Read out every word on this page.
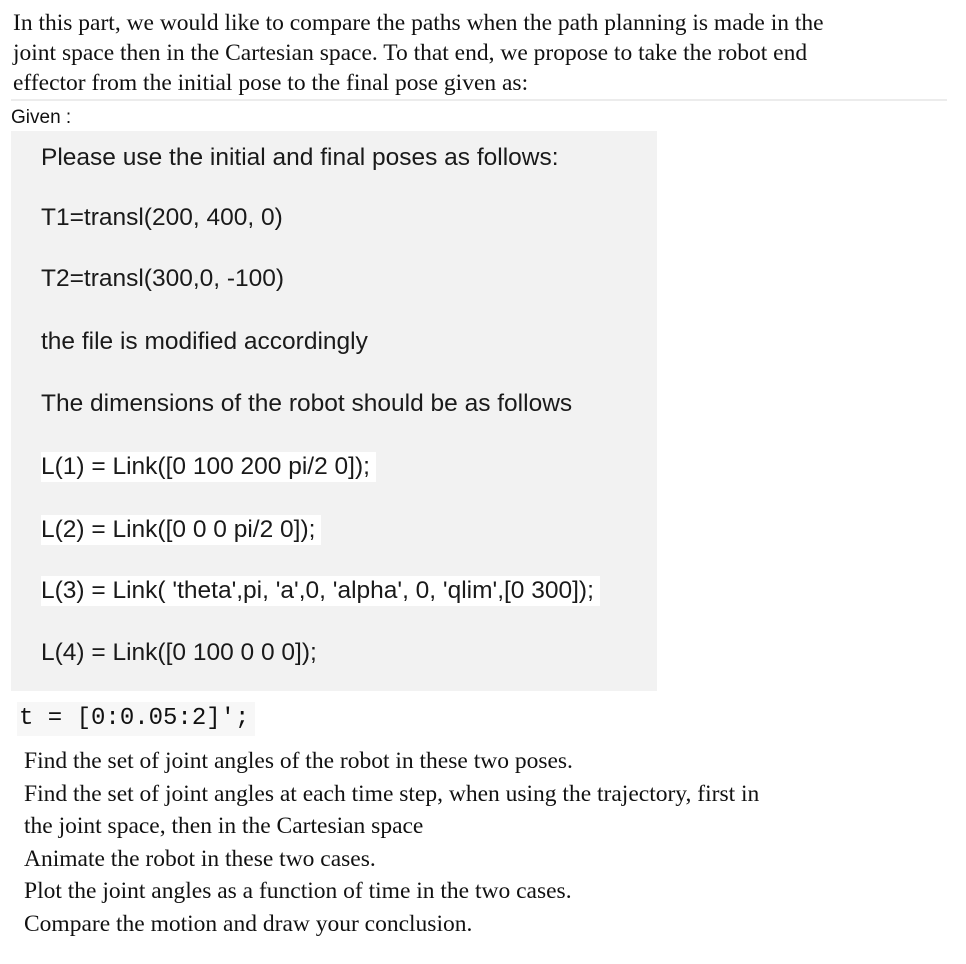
In this part, we would like to compare the paths when the path planning is made in the
joint space then in the Cartesian space. To that end, we propose to take the robot end
effector from the initial pose to the final pose given as:
Given :
Please use the initial and final poses as follows:
T1=transl(200, 400, 0)
T2=transl(300,0, -100)
the file is modified accordingly
The dimensions of the robot should be as follows
L(1) = Link([0 100 200 pi/2 0]);
L(2) = Link([0 0 0 pi/2 0]);
L(3) = Link( 'theta',pi, 'a',0, 'alpha', 0, 'qlim',[0 300]);
L(4) = Link([0 100 0 0 0]);
t = [0:0.05:2]';
Find the set of joint angles of the robot in these two poses.
Find the set of joint angles at each time step, when using the trajectory, first in
the joint space, then in the Cartesian space
Animate the robot in these two cases.
Plot the joint angles as a function of time in the two cases.
Compare the motion and draw your conclusion.
